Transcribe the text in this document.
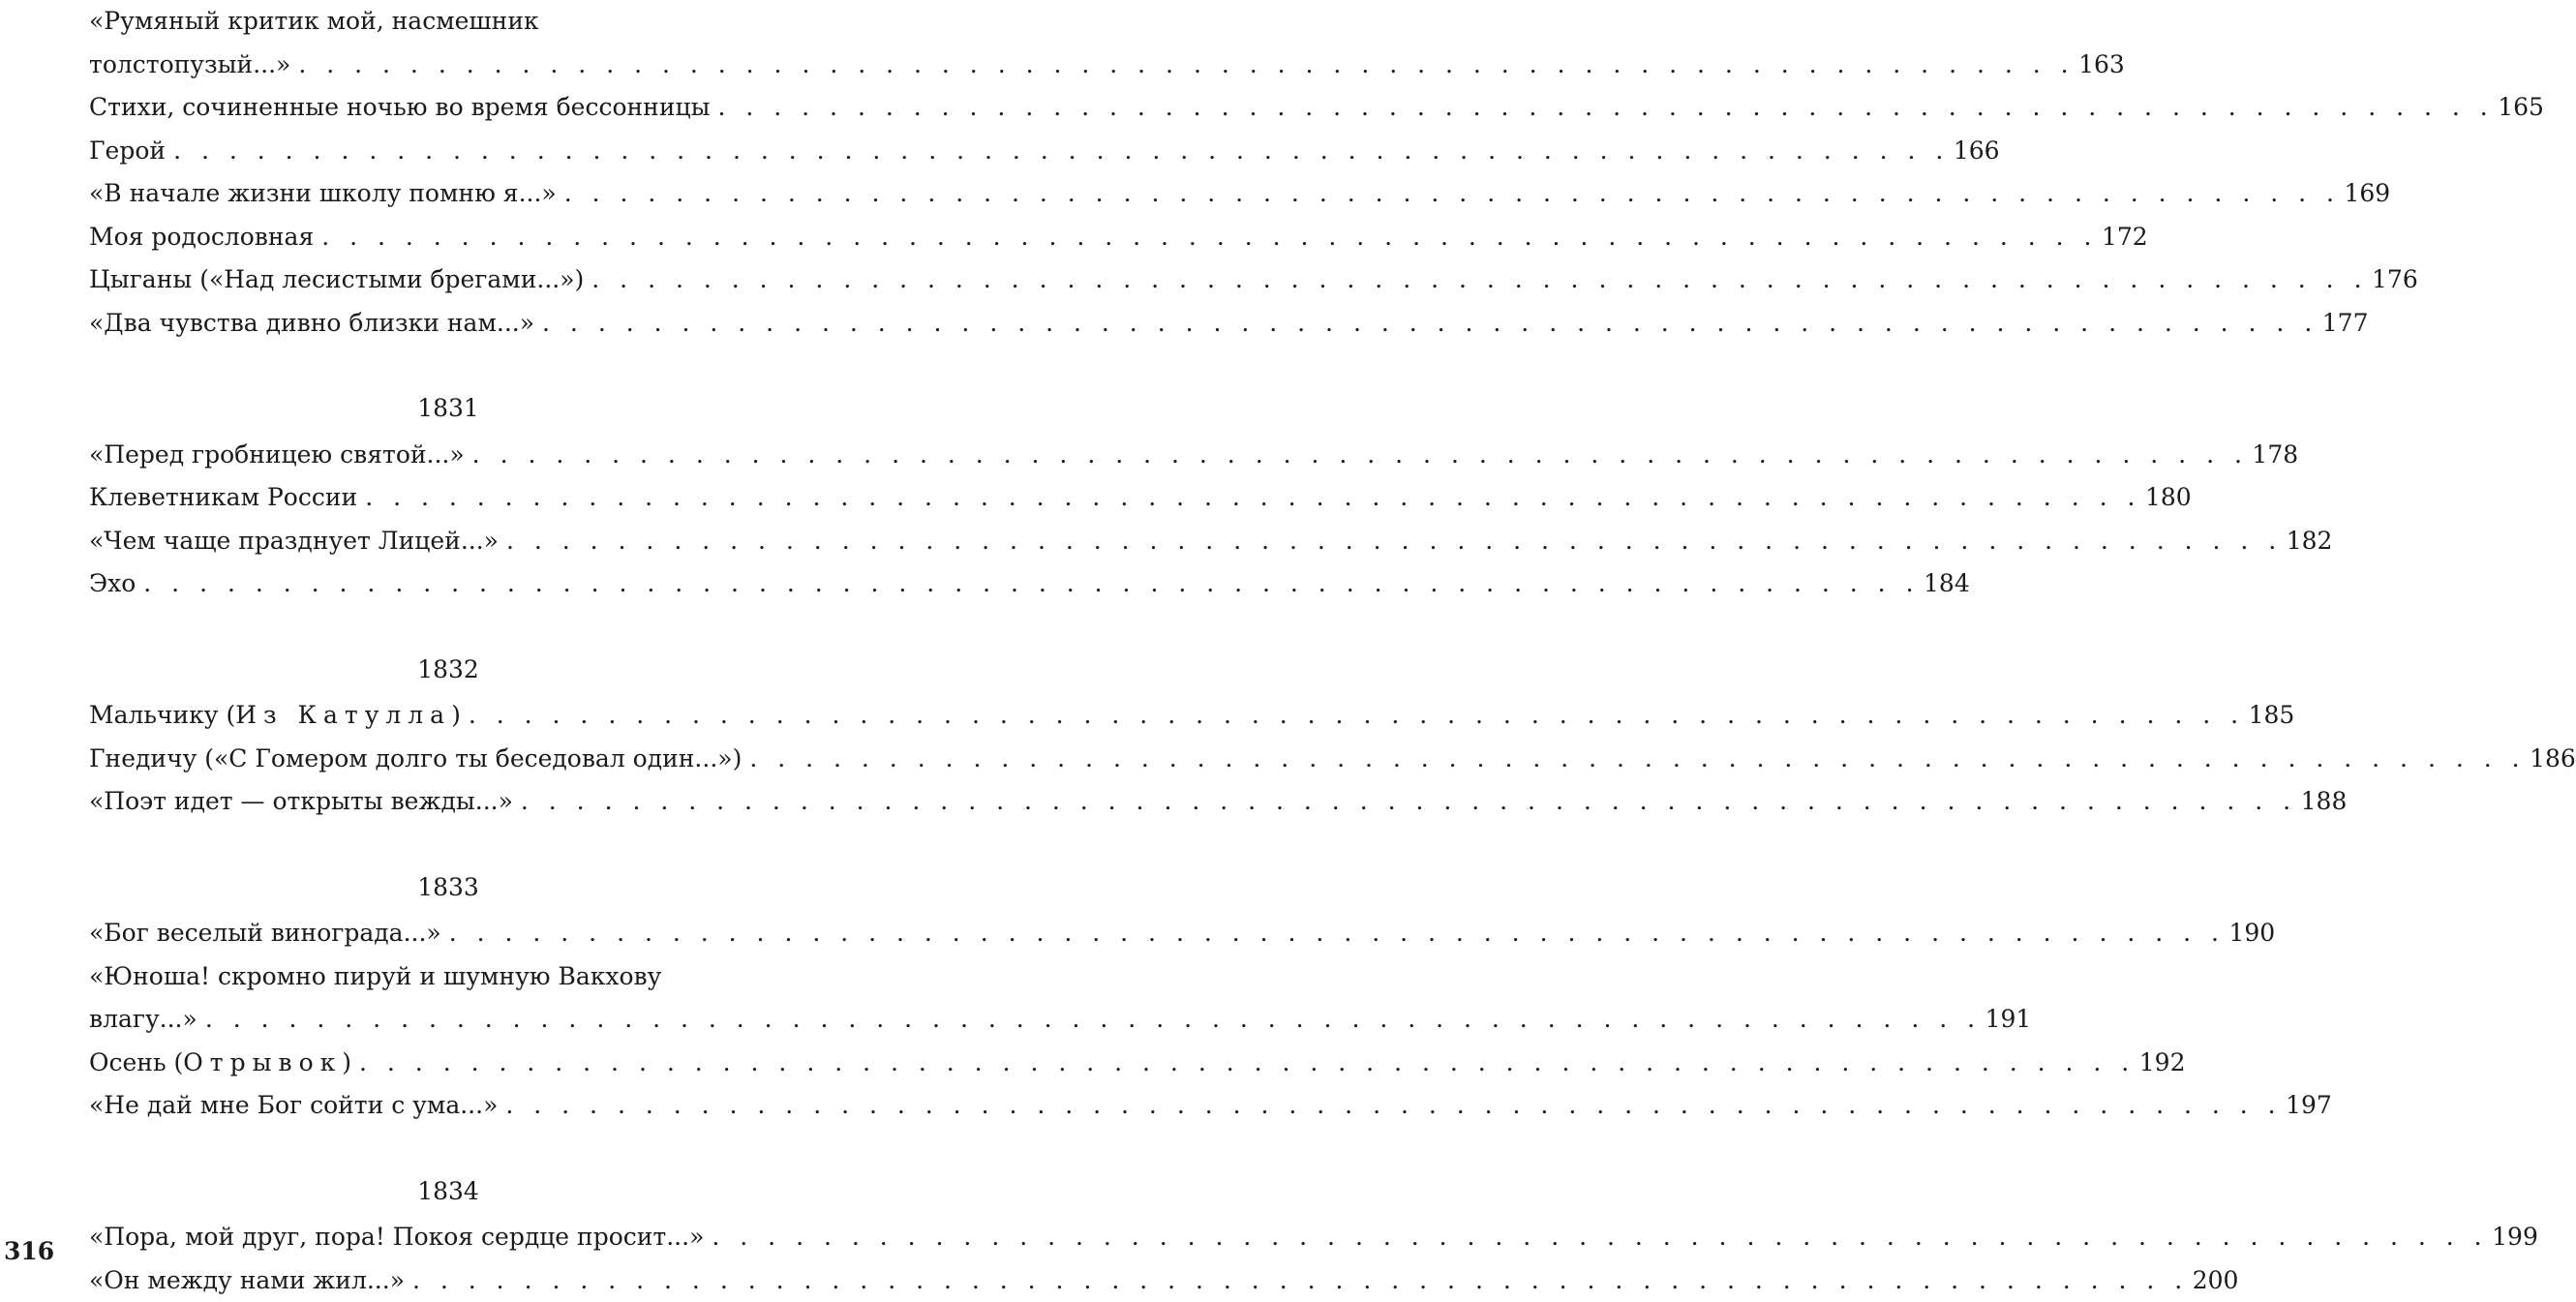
«Румяный критик мой, насмешник
толстопузый...» . . . . . . . . . . . . . . . . . . . . . . . . . . . . . . . . . . . . . . . . . . . . . . . . . . . . . . . . . . . . . . . . 163
Стихи, сочиненные ночью во время бессонницы . . . . . . . . . . . . . . . . . . . . . . . . . . . . . . . . . . . . . . . . . . . . . . . . . . . . . . . . . . . . . . . . 165
Герой . . . . . . . . . . . . . . . . . . . . . . . . . . . . . . . . . . . . . . . . . . . . . . . . . . . . . . . . . . . . . . . . 166
«В начале жизни школу помню я...» . . . . . . . . . . . . . . . . . . . . . . . . . . . . . . . . . . . . . . . . . . . . . . . . . . . . . . . . . . . . . . . . 169
Моя родословная . . . . . . . . . . . . . . . . . . . . . . . . . . . . . . . . . . . . . . . . . . . . . . . . . . . . . . . . . . . . . . . . 172
Цыганы («Над лесистыми брегами...») . . . . . . . . . . . . . . . . . . . . . . . . . . . . . . . . . . . . . . . . . . . . . . . . . . . . . . . . . . . . . . . . 176
«Два чувства дивно близки нам...» . . . . . . . . . . . . . . . . . . . . . . . . . . . . . . . . . . . . . . . . . . . . . . . . . . . . . . . . . . . . . . . . 177
1831
«Перед гробницею святой...» . . . . . . . . . . . . . . . . . . . . . . . . . . . . . . . . . . . . . . . . . . . . . . . . . . . . . . . . . . . . . . . . 178
Клеветникам России . . . . . . . . . . . . . . . . . . . . . . . . . . . . . . . . . . . . . . . . . . . . . . . . . . . . . . . . . . . . . . . . 180
«Чем чаще празднует Лицей...» . . . . . . . . . . . . . . . . . . . . . . . . . . . . . . . . . . . . . . . . . . . . . . . . . . . . . . . . . . . . . . . . 182
Эхо . . . . . . . . . . . . . . . . . . . . . . . . . . . . . . . . . . . . . . . . . . . . . . . . . . . . . . . . . . . . . . . . 184
1832
Мальчику (Из Катулла) . . . . . . . . . . . . . . . . . . . . . . . . . . . . . . . . . . . . . . . . . . . . . . . . . . . . . . . . . . . . . . . . 185
Гнедичу («С Гомером долго ты беседовал один...») . . . . . . . . . . . . . . . . . . . . . . . . . . . . . . . . . . . . . . . . . . . . . . . . . . . . . . . . . . . . . . . . 186
«Поэт идет — открыты вежды...» . . . . . . . . . . . . . . . . . . . . . . . . . . . . . . . . . . . . . . . . . . . . . . . . . . . . . . . . . . . . . . . . 188
1833
«Бог веселый винограда...» . . . . . . . . . . . . . . . . . . . . . . . . . . . . . . . . . . . . . . . . . . . . . . . . . . . . . . . . . . . . . . . . 190
«Юноша! скромно пируй и шумную Вакхову
влагу...» . . . . . . . . . . . . . . . . . . . . . . . . . . . . . . . . . . . . . . . . . . . . . . . . . . . . . . . . . . . . . . . . 191
Осень (Отрывок) . . . . . . . . . . . . . . . . . . . . . . . . . . . . . . . . . . . . . . . . . . . . . . . . . . . . . . . . . . . . . . . . 192
«Не дай мне Бог сойти с ума...» . . . . . . . . . . . . . . . . . . . . . . . . . . . . . . . . . . . . . . . . . . . . . . . . . . . . . . . . . . . . . . . . 197
1834
«Пора, мой друг, пора! Покоя сердце просит...» . . . . . . . . . . . . . . . . . . . . . . . . . . . . . . . . . . . . . . . . . . . . . . . . . . . . . . . . . . . . . . . . 199
«Он между нами жил...» . . . . . . . . . . . . . . . . . . . . . . . . . . . . . . . . . . . . . . . . . . . . . . . . . . . . . . . . . . . . . . . . 200
316
